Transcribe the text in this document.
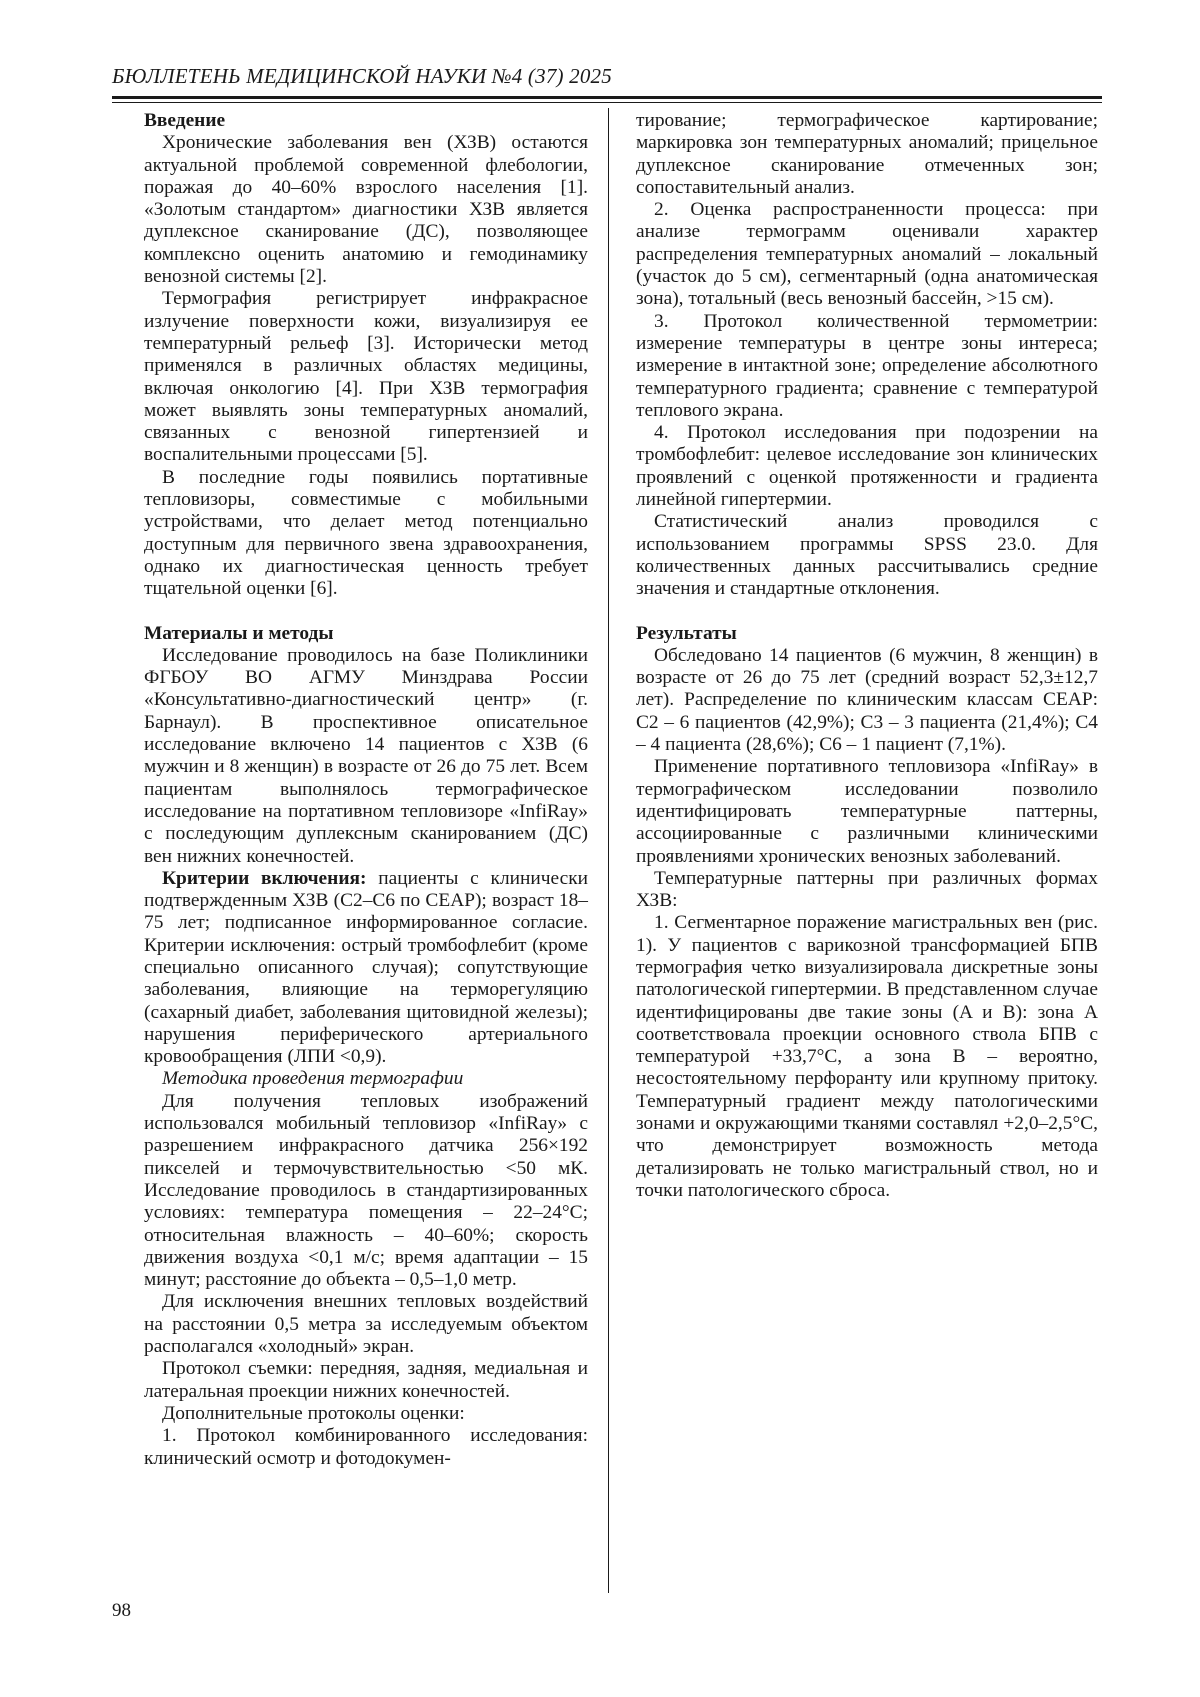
БЮЛЛЕТЕНЬ МЕДИЦИНСКОЙ НАУКИ №4 (37) 2025
Введение

Хронические заболевания вен (ХЗВ) остаются актуальной проблемой современной флебологии, поражая до 40–60% взрослого населения [1]. «Золотым стандартом» диагностики ХЗВ является дуплексное сканирование (ДС), позволяющее комплексно оценить анатомию и гемодинамику венозной системы [2].

Термография регистрирует инфракрасное излучение поверхности кожи, визуализируя ее температурный рельеф [3]. Исторически метод применялся в различных областях медицины, включая онкологию [4]. При ХЗВ термография может выявлять зоны температурных аномалий, связанных с венозной гипертензией и воспалительными процессами [5].

В последние годы появились портативные тепловизоры, совместимые с мобильными устройствами, что делает метод потенциально доступным для первичного звена здравоохранения, однако их диагностическая ценность требует тщательной оценки [6].

Материалы и методы

Исследование проводилось на базе Поликлиники ФГБОУ ВО АГМУ Минздрава России «Консультативно-диагностический центр» (г. Барнаул). В проспективное описательное исследование включено 14 пациентов с ХЗВ (6 мужчин и 8 женщин) в возрасте от 26 до 75 лет. Всем пациентам выполнялось термографическое исследование на портативном тепловизоре «InfiRay» с последующим дуплексным сканированием (ДС) вен нижних конечностей.

Критерии включения: пациенты с клинически подтвержденным ХЗВ (С2–С6 по CEAP); возраст 18–75 лет; подписанное информированное согласие. Критерии исключения: острый тромбофлебит (кроме специально описанного случая); сопутствующие заболевания, влияющие на терморегуляцию (сахарный диабет, заболевания щитовидной железы); нарушения периферического артериального кровообращения (ЛПИ <0,9).

Методика проведения термографии

Для получения тепловых изображений использовался мобильный тепловизор «InfiRay» с разрешением инфракрасного датчика 256×192 пикселей и термочувствительностью <50 мК. Исследование проводилось в стандартизированных условиях: температура помещения – 22–24°С; относительная влажность – 40–60%; скорость движения воздуха <0,1 м/с; время адаптации – 15 минут; расстояние до объекта – 0,5–1,0 метр.

Для исключения внешних тепловых воздействий на расстоянии 0,5 метра за исследуемым объектом располагался «холодный» экран.

Протокол съемки: передняя, задняя, медиальная и латеральная проекции нижних конечностей.

Дополнительные протоколы оценки:

1. Протокол комбинированного исследования: клинический осмотр и фотодокумен-

тирование; термографическое картирование; маркировка зон температурных аномалий; прицельное дуплексное сканирование отмеченных зон; сопоставительный анализ.

2. Оценка распространенности процесса: при анализе термограмм оценивали характер распределения температурных аномалий – локальный (участок до 5 см), сегментарный (одна анатомическая зона), тотальный (весь венозный бассейн, >15 см).

3. Протокол количественной термометрии: измерение температуры в центре зоны интереса; измерение в интактной зоне; определение абсолютного температурного градиента; сравнение с температурой теплового экрана.

4. Протокол исследования при подозрении на тромбофлебит: целевое исследование зон клинических проявлений с оценкой протяженности и градиента линейной гипертермии.

Статистический анализ проводился с использованием программы SPSS 23.0. Для количественных данных рассчитывались средние значения и стандартные отклонения.

Результаты

Обследовано 14 пациентов (6 мужчин, 8 женщин) в возрасте от 26 до 75 лет (средний возраст 52,3±12,7 лет). Распределение по клиническим классам CEAP: C2 – 6 пациентов (42,9%); C3 – 3 пациента (21,4%); C4 – 4 пациента (28,6%); C6 – 1 пациент (7,1%).

Применение портативного тепловизора «InfiRay» в термографическом исследовании позволило идентифицировать температурные паттерны, ассоциированные с различными клиническими проявлениями хронических венозных заболеваний.

Температурные паттерны при различных формах ХЗВ:

1. Сегментарное поражение магистральных вен (рис. 1). У пациентов с варикозной трансформацией БПВ термография четко визуализировала дискретные зоны патологической гипертермии. В представленном случае идентифицированы две такие зоны (A и B): зона A соответствовала проекции основного ствола БПВ с температурой +33,7°С, а зона B – вероятно, несостоятельному перфоранту или крупному притоку. Температурный градиент между патологическими зонами и окружающими тканями составлял +2,0–2,5°С, что демонстрирует возможность метода детализировать не только магистральный ствол, но и точки патологического сброса.

98
